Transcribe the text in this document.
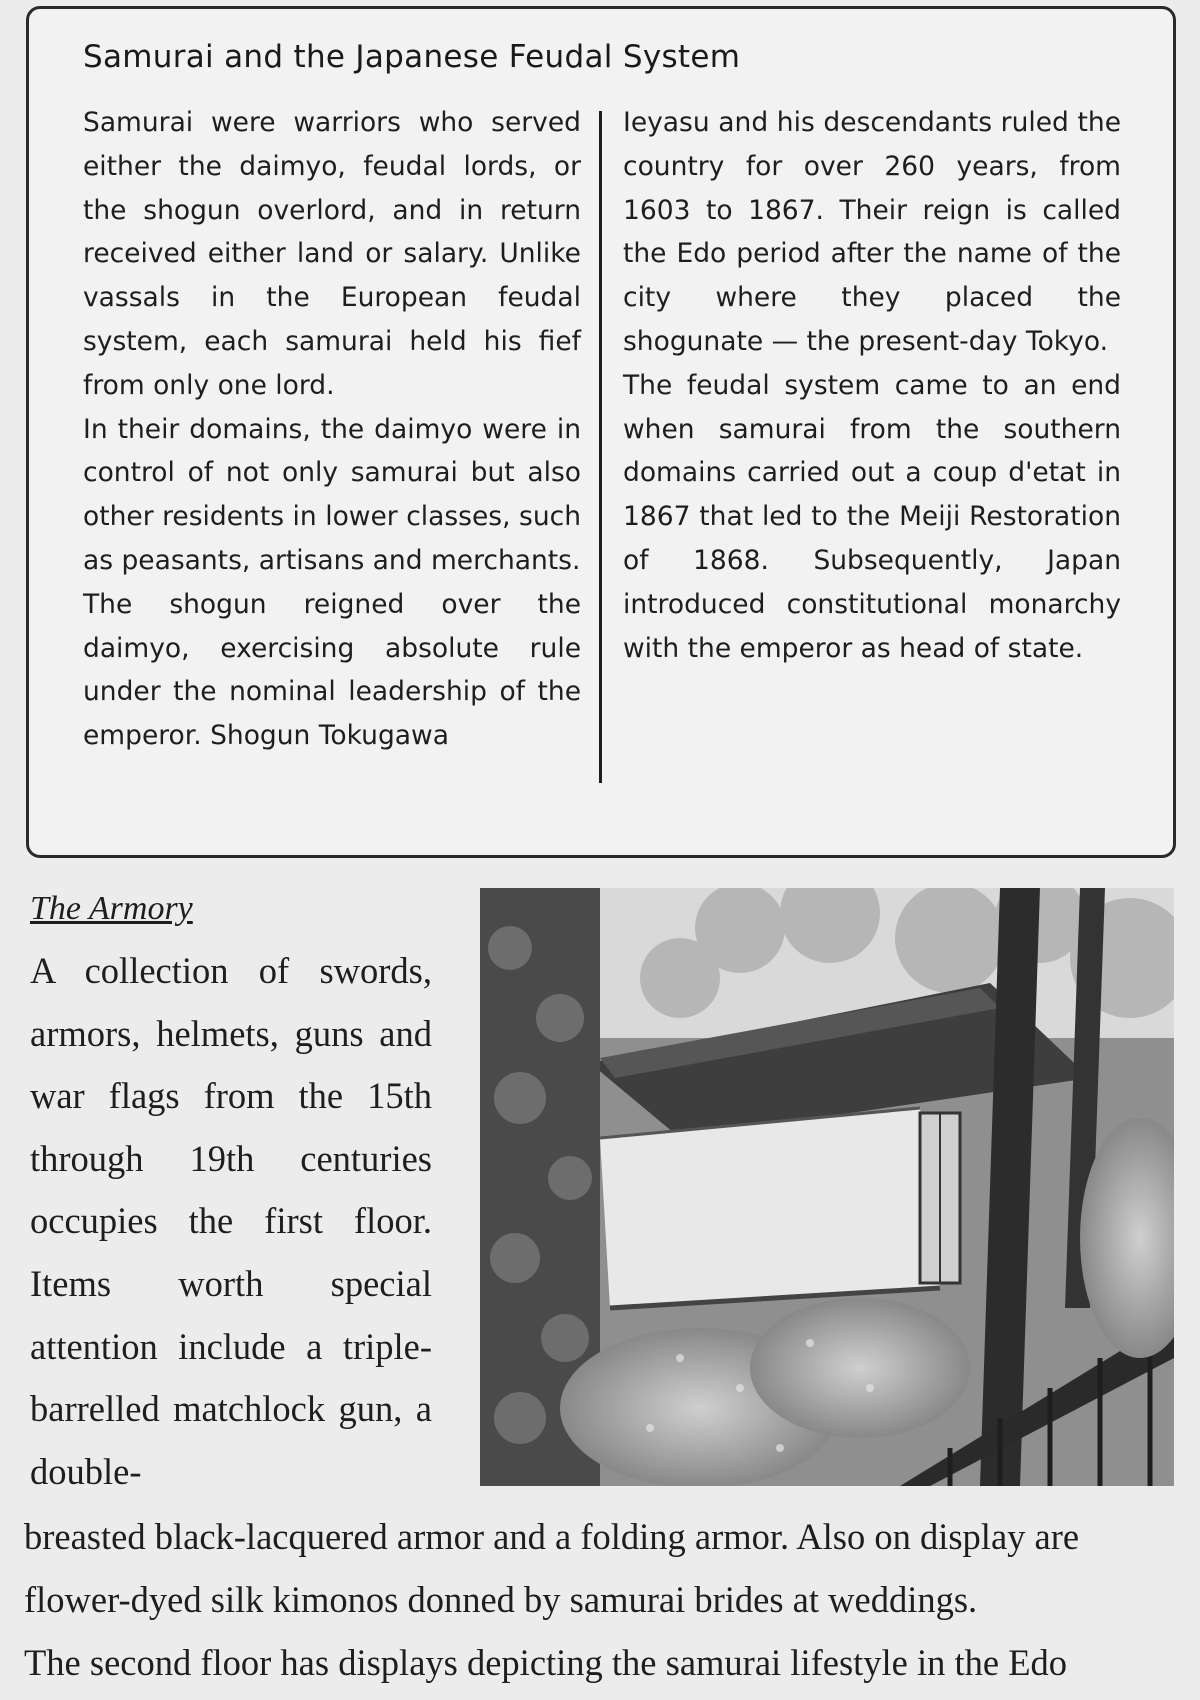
Samurai and the Japanese Feudal System

Samurai were warriors who served either the daimyo, feudal lords, or the shogun overlord, and in return received either land or salary. Unlike vassals in the European feudal system, each samurai held his fief from only one lord.

In their domains, the daimyo were in control of not only samurai but also other residents in lower classes, such as peasants, artisans and merchants.

The shogun reigned over the daimyo, exercising absolute rule under the nominal leadership of the emperor. Shogun Tokugawa

Ieyasu and his descendants ruled the country for over 260 years, from 1603 to 1867. Their reign is called the Edo period after the name of the city where they placed the shogunate — the present-day Tokyo.

The feudal system came to an end when samurai from the southern domains carried out a coup d'etat in 1867 that led to the Meiji Restoration of 1868. Subsequently, Japan introduced constitutional monarchy with the emperor as head of state.

The Armory

A collection of swords, armors, helmets, guns and war flags from the 15th through 19th centuries occupies the first floor. Items worth special attention include a triple-barrelled matchlock gun, a double-

breasted black-lacquered armor and a folding armor. Also on display are
flower-dyed silk kimonos donned by samurai brides at weddings.
The second floor has displays depicting the samurai lifestyle in the Edo
